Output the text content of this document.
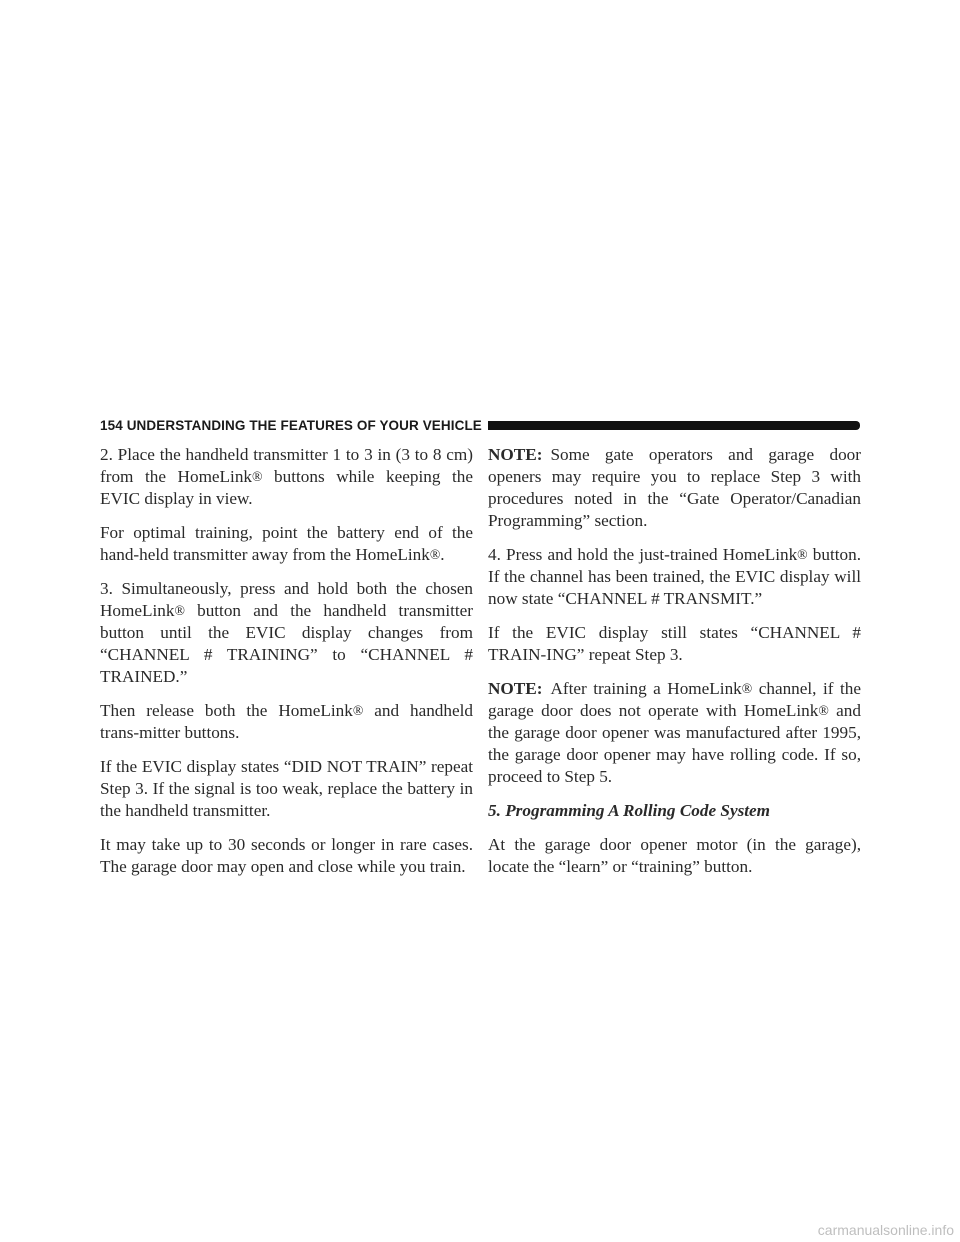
154 UNDERSTANDING THE FEATURES OF YOUR VEHICLE

2. Place the handheld transmitter 1 to 3 in (3 to 8 cm) from the HomeLink® buttons while keeping the EVIC display in view.

For optimal training, point the battery end of the hand-held transmitter away from the HomeLink®.

3. Simultaneously, press and hold both the chosen HomeLink® button and the handheld transmitter button until the EVIC display changes from “CHANNEL # TRAINING” to “CHANNEL # TRAINED.”

Then release both the HomeLink® and handheld trans-mitter buttons.

If the EVIC display states “DID NOT TRAIN” repeat Step 3. If the signal is too weak, replace the battery in the handheld transmitter.

It may take up to 30 seconds or longer in rare cases. The garage door may open and close while you train.

NOTE: Some gate operators and garage door openers may require you to replace Step 3 with procedures noted in the “Gate Operator/Canadian Programming” section.

4. Press and hold the just-trained HomeLink® button. If the channel has been trained, the EVIC display will now state “CHANNEL # TRANSMIT.”

If the EVIC display still states “CHANNEL # TRAIN-ING” repeat Step 3.

NOTE: After training a HomeLink® channel, if the garage door does not operate with HomeLink® and the garage door opener was manufactured after 1995, the garage door opener may have rolling code. If so, proceed to Step 5.

5. Programming A Rolling Code System

At the garage door opener motor (in the garage), locate the “learn” or “training” button.

carmanualsonline.info
